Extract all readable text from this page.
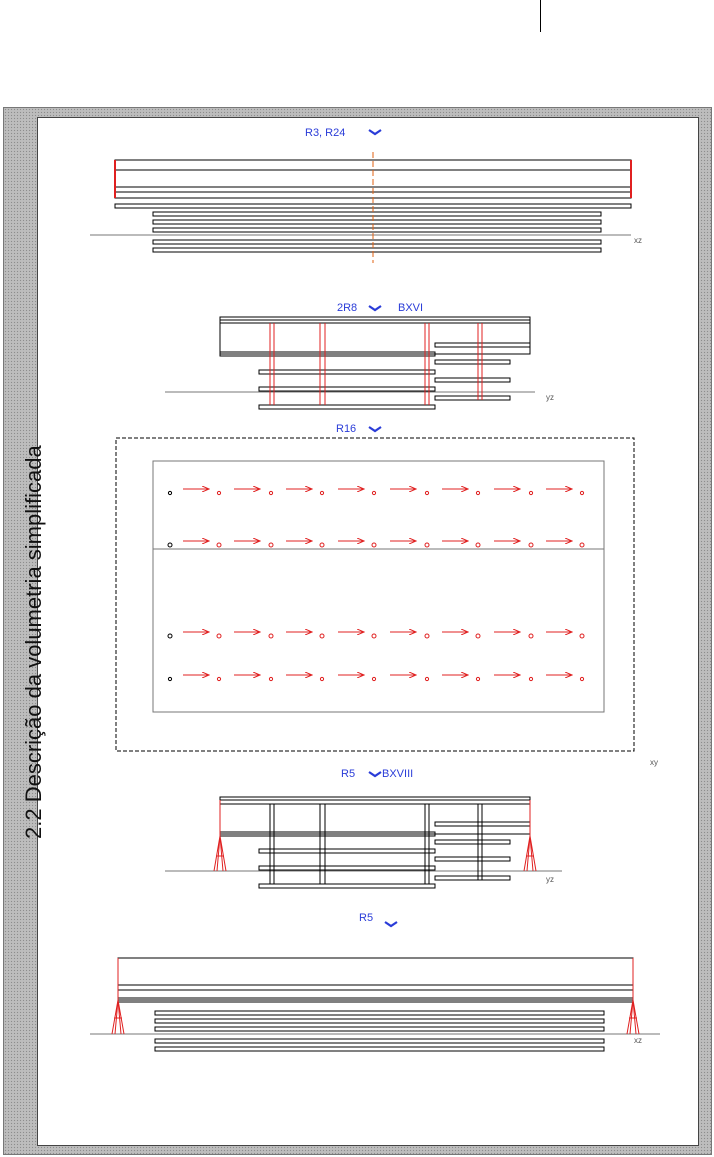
2.2 Descrição da volumetria simplificada
R3, R24
2R8	BXVI
R16
R5 BXVIII
R5
xz
yz
xy
yz
xz
